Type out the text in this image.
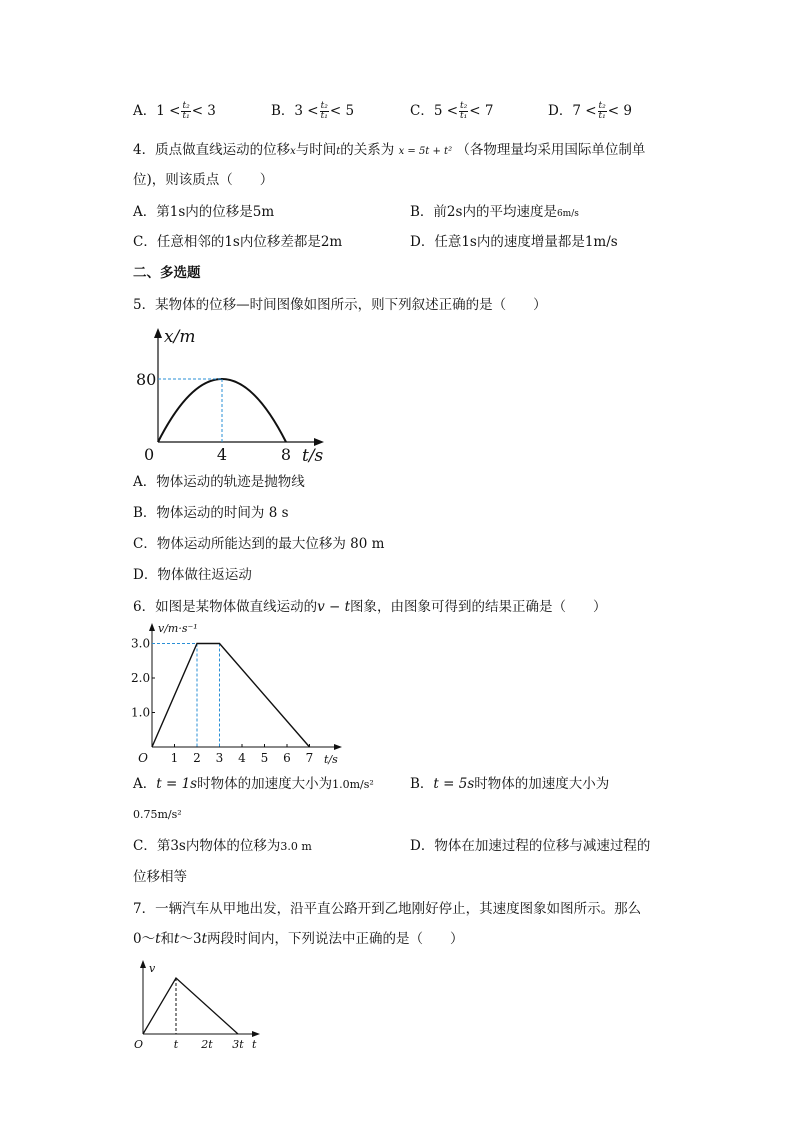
A．$1 < \frac{\text{t₂}}{\text{t₁}} < 3$	B．$3 < \frac{\text{t₂}}{\text{t₁}} < 5$	C．$5 < \frac{\text{t₂}}{\text{t₁}} < 7$	D．$7 < \frac{\text{t₂}}{\text{t₁}} < 9$
4．质点做直线运动的位移x与时间t的关系为 x = 5t + t² （各物理量均采用国际单位制单
位)，则该质点（　　）
A．第1s内的位移是5m	B．前2s内的平均速度是6m/s
C．任意相邻的1s内位移差都是2m	D．任意1s内的速度增量都是1m/s
二、多选题
5．某物体的位移—时间图像如图所示，则下列叙述正确的是（　　）
x/m
80
0	4	8 t/s
A．物体运动的轨迹是抛物线
B．物体运动的时间为 8 s
C．物体运动所能达到的最大位移为 80 m
D．物体做往返运动
6．如图是某物体做直线运动的v − t图象，由图象可得到的结果正确是（　　）
O 1 2 3 4 5 6 7
1.0
2.0
3.0
v/m·s⁻¹
t/s
A．t = 1s时物体的加速度大小为1.0m/s²	B．t = 5s时物体的加速度大小为
0.75m/s²
C．第3s内物体的位移为3.0 m	D．物体在加速过程的位移与减速过程的
位移相等
7．一辆汽车从甲地出发，沿平直公路开到乙地刚好停止，其速度图象如图所示。那么
0～t和t～3t两段时间内，下列说法中正确的是（　　）
v
O	t 2t 3t t
